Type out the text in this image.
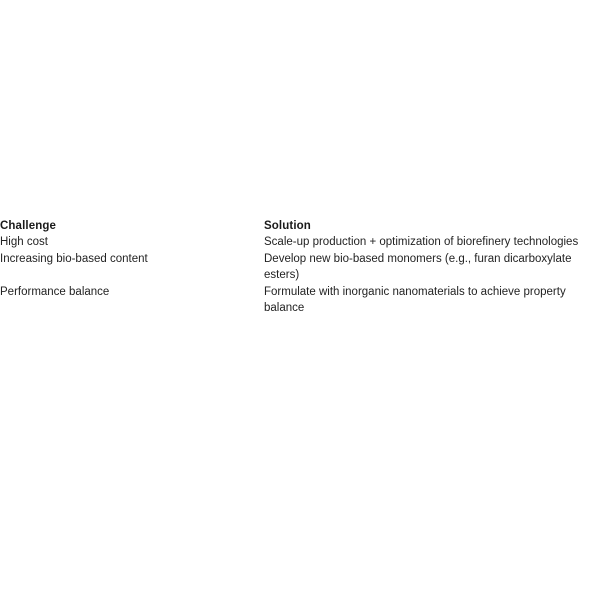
Challenge	Solution

High cost	Scale-up production + optimization of biorefinery technologies

Increasing bio-based content	Develop new bio-based monomers (e.g., furan dicarboxylate esters)

Performance balance	Formulate with inorganic nanomaterials to achieve property balance
